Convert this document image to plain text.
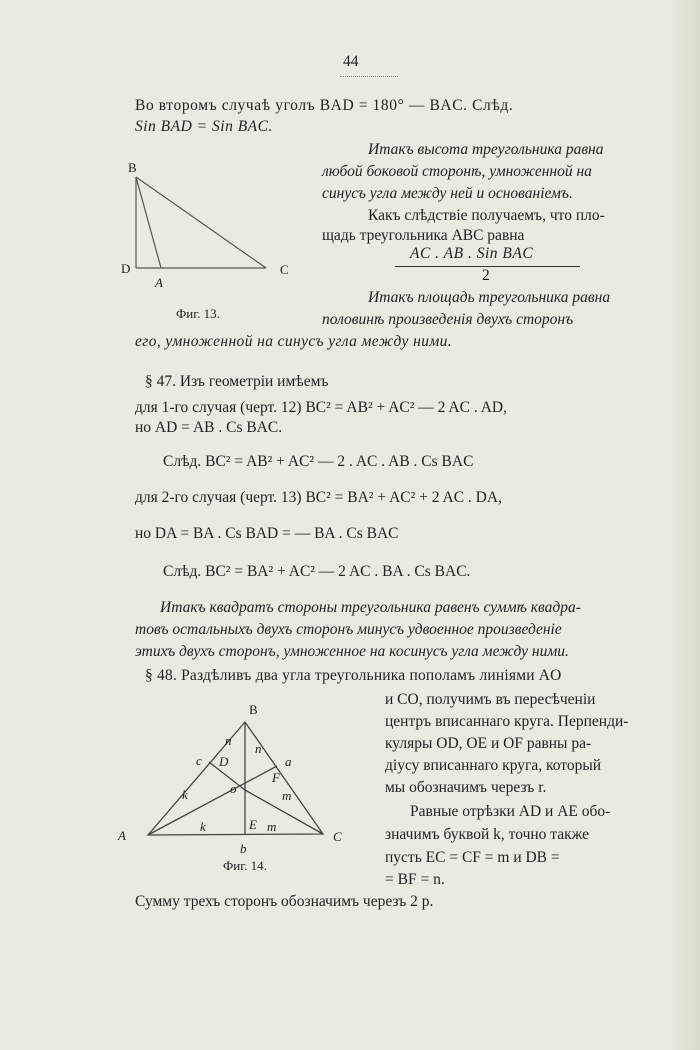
44
Во второмъ случаѣ уголъ BAD = 180° — BAC. Слѣд.
Sin BAD = Sin BAC.
Итакъ высота треугольника равна
любой боковой сторонѣ, умноженной на
синусъ угла между ней и основаніемъ.
Какъ слѣдствіе получаемъ, что пло-
щадь треугольника ABC равна
AC . AB . Sin BAC
2
Итакъ площадь треугольника равна
половинѣ произведенія двухъ сторонъ
его, умноженной на синусъ угла между ними.
B
D
A
C
Фиг. 13.
B
A	C
D
E
F
o
a
b
c
n
n
k
k
m
m
Фиг. 14.
§ 47. Изъ геометріи имѣемъ
для 1-го случая (черт. 12) BC² = AB² + AC² — 2 AC . AD,
но AD = AB . Cs BAC.
Слѣд. BC² = AB² + AC² — 2 . AC . AB . Cs BAC
для 2-го случая (черт. 13) BC² = BA² + AC² + 2 AC . DA,
но DA = BA . Cs BAD = — BA . Cs BAC
Слѣд. BC² = BA² + AC² — 2 AC . BA . Cs BAC.
Итакъ квадратъ стороны треугольника равенъ суммѣ квадра-
товъ остальныхъ двухъ сторонъ минусъ удвоенное произведеніе
этихъ двухъ сторонъ, умноженное на косинусъ угла между ними.
§ 48. Раздѣливъ два угла треугольника пополамъ линіями AO
и CO, получимъ въ пересѣченіи
центръ вписаннаго круга. Перпенди-
куляры OD, OE и OF равны ра-
діусу вписаннаго круга, который
мы обозначимъ черезъ r.
Равные отрѣзки AD и AE обо-
значимъ буквой k, точно также
пусть EC = CF = m и DB =
= BF = n.
Сумму трехъ сторонъ обозначимъ черезъ 2 p.
